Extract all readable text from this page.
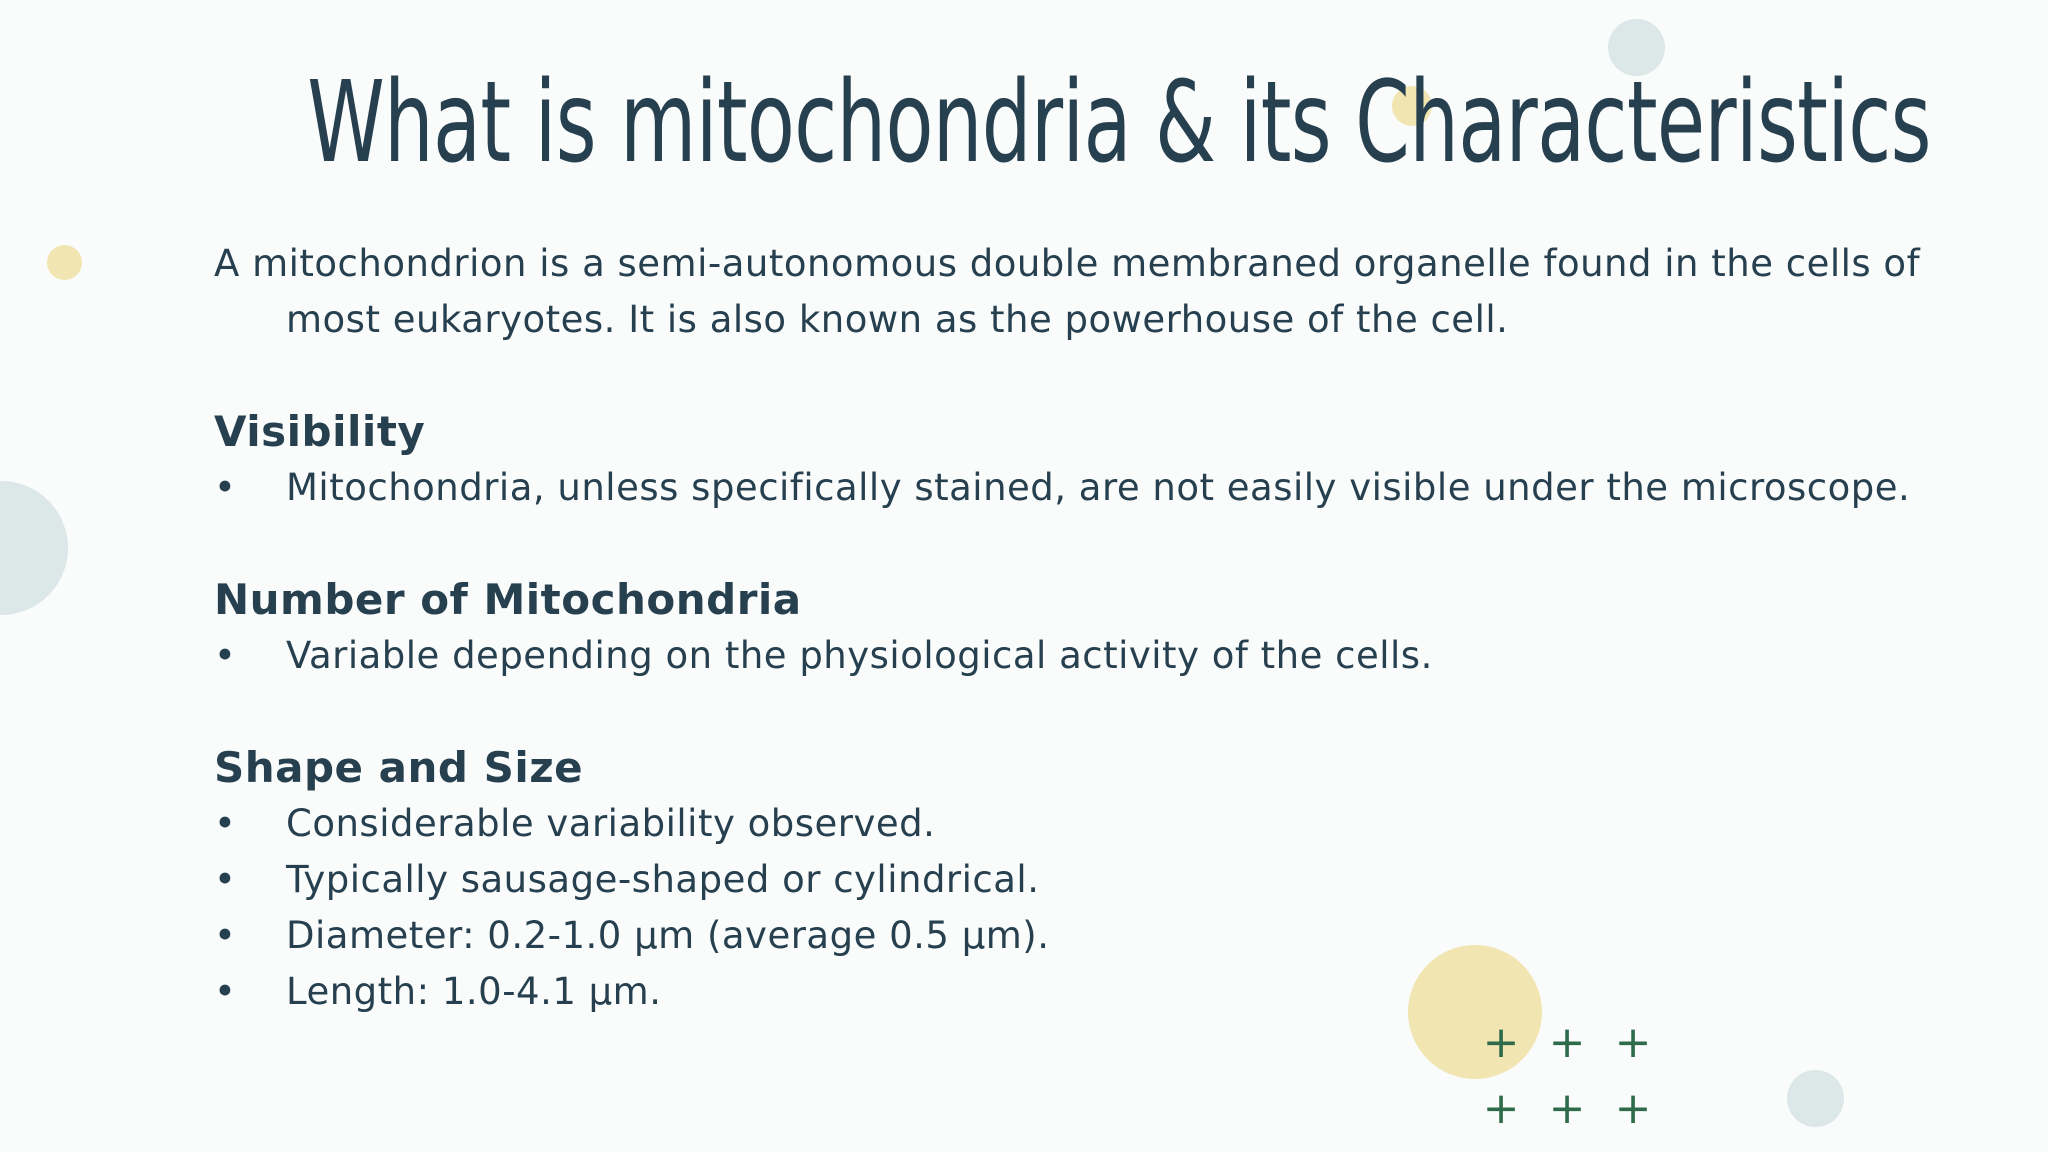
+ + +
+ + +
What is mitochondria & its Characteristics

A mitochondrion is a semi-autonomous double membraned organelle found in the cells of most eukaryotes. It is also known as the powerhouse of the cell.

Visibility
• Mitochondria, unless specifically stained, are not easily visible under the microscope.
Number of Mitochondria
• Variable depending on the physiological activity of the cells.
Shape and Size
• Considerable variability observed.
• Typically sausage-shaped or cylindrical.
• Diameter: 0.2-1.0 µm (average 0.5 µm).
• Length: 1.0-4.1 µm.
